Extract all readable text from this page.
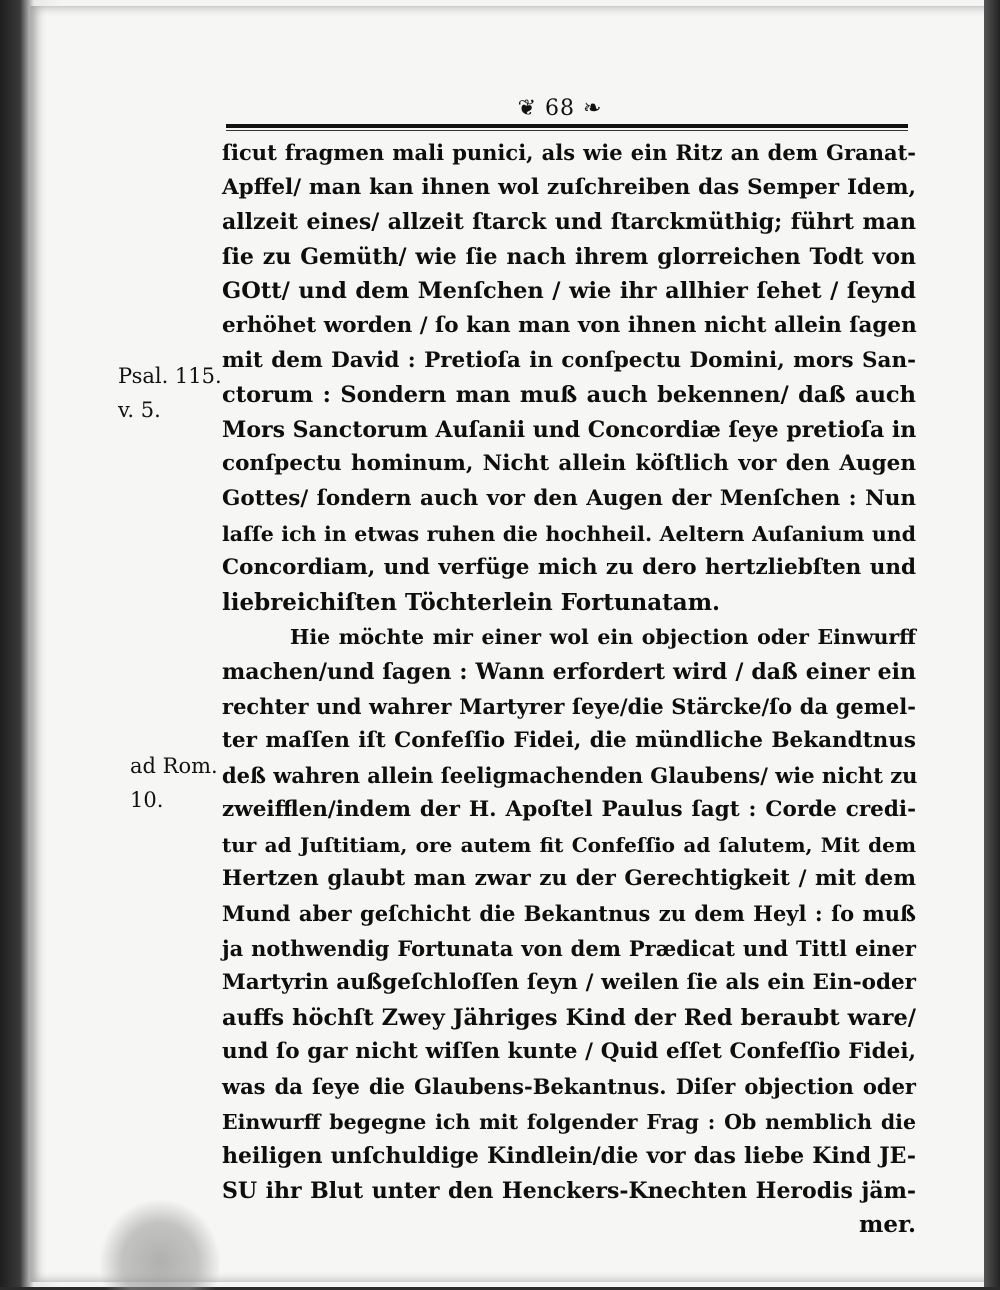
❦ 68 ❧
Psal. 115.
v. 5.
ad Rom.
10.
ſicut fragmen mali punici, als wie ein Ritz an dem Granat-
Apffel/ man kan ihnen wol zuſchreiben das Semper Idem,
allzeit eines/ allzeit ſtarck und ſtarckmüthig; führt man
ſie zu Gemüth/ wie ſie nach ihrem glorreichen Todt von
GOtt/ und dem Menſchen / wie ihr allhier ſehet / ſeynd
erhöhet worden / ſo kan man von ihnen nicht allein ſagen
mit dem David : Pretioſa in conſpectu Domini, mors San-
ctorum : Sondern man muß auch bekennen/ daß auch
Mors Sanctorum Auſanii und Concordiæ ſeye pretioſa in
conſpectu hominum, Nicht allein köſtlich vor den Augen
Gottes/ ſondern auch vor den Augen der Menſchen : Nun
laſſe ich in etwas ruhen die hochheil. Aeltern Auſanium und
Concordiam, und verfüge mich zu dero hertzliebſten und
liebreichiſten Töchterlein Fortunatam.
Hie möchte mir einer wol ein objection oder Einwurff
machen/und ſagen : Wann erfordert wird / daß einer ein
rechter und wahrer Martyrer ſeye/die Stärcke/ſo da gemel-
ter maſſen iſt Confeſſio Fidei, die mündliche Bekandtnus
deß wahren allein ſeeligmachenden Glaubens/ wie nicht zu
zweifflen/indem der H. Apoſtel Paulus ſagt : Corde credi-
tur ad Juſtitiam, ore autem fit Confeſſio ad ſalutem, Mit dem
Hertzen glaubt man zwar zu der Gerechtigkeit / mit dem
Mund aber geſchicht die Bekantnus zu dem Heyl : ſo muß
ja nothwendig Fortunata von dem Prædicat und Tittl einer
Martyrin außgeſchloſſen ſeyn / weilen ſie als ein Ein-oder
auffs höchſt Zwey Jähriges Kind der Red beraubt ware/
und ſo gar nicht wiſſen kunte / Quid eſſet Confeſſio Fidei,
was da ſeye die Glaubens-Bekantnus. Diſer objection oder
Einwurff begegne ich mit folgender Frag : Ob nemblich die
heiligen unſchuldige Kindlein/die vor das liebe Kind JE-
SU ihr Blut unter den Henckers-Knechten Herodis jäm-
mer.
